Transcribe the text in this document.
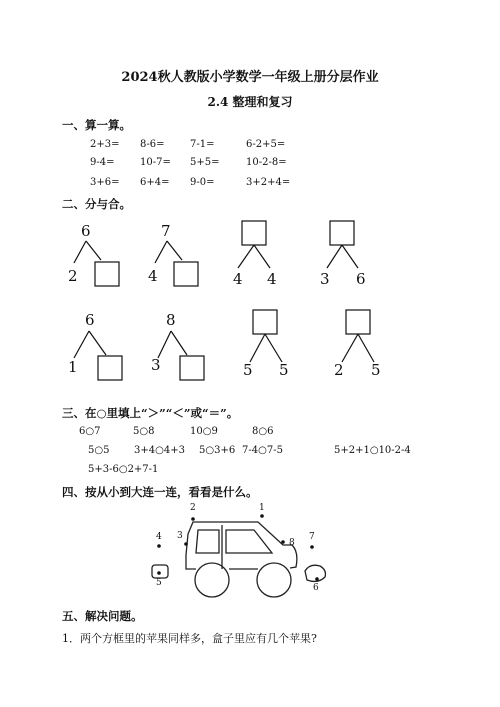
2024秋人教版小学数学一年级上册分层作业
2.4 整理和复习
一、算一算。
2+3= 8-6=	7-1=	6-2+5=
9-4=	10-7= 5+5=	10-2-8=
3+6= 6+4= 9-0=	3+2+4=
二、分与合。
6
2
7
4	4 4	3 6
6
1
8
3	5 5	2 5
三、在○里填上“＞”“＜”或“＝”。
6○7	5○8	10○9	8○6
5○5 3+4○4+3 5○3+6 7-4○7-5	5+2+1○10-2-4
5+3-6○2+7-1
四、按从小到大连一连，看看是什么。
1
2
3
4
5	6
7
8
五、解决问题。
1．两个方框里的苹果同样多，盒子里应有几个苹果?
